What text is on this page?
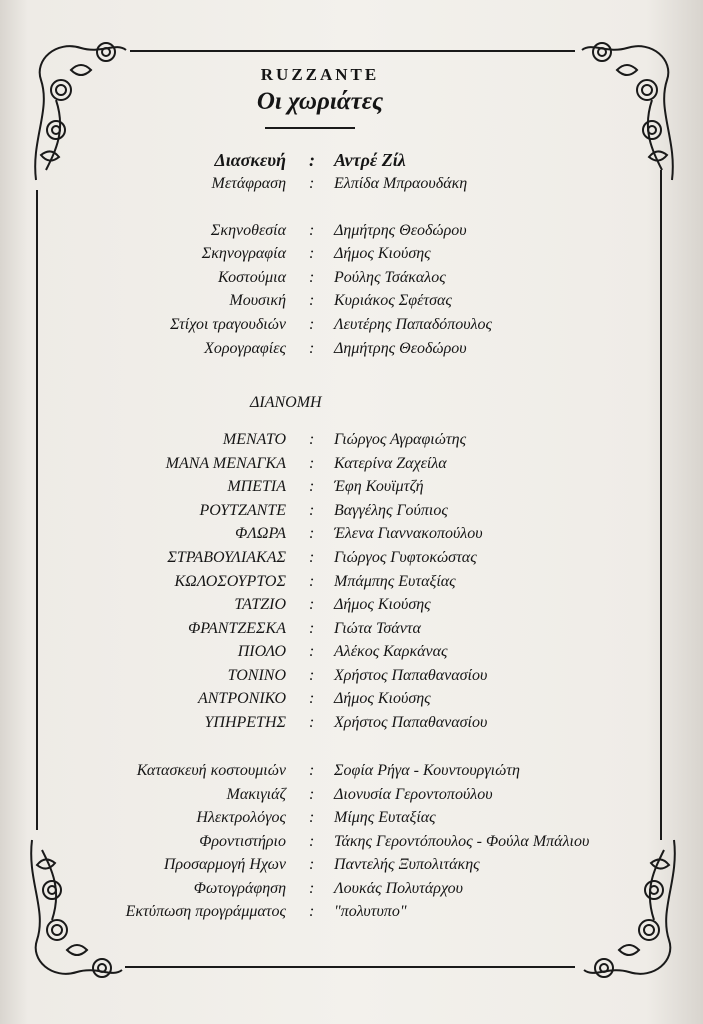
RUZZANTE
Οι χωριάτες
Διασκευή : Αντρέ Ζίλ
Μετάφραση : Ελπίδα Μπραουδάκη
Σκηνοθεσία : Δημήτρης Θεοδώρου
Σκηνογραφία : Δήμος Κιούσης
Κοστούμια : Ρούλης Τσάκαλος
Μουσική : Κυριάκος Σφέτσας
Στίχοι τραγουδιών : Λευτέρης Παπαδόπουλος
Χορογραφίες : Δημήτρης Θεοδώρου
ΔΙΑΝΟΜΗ
ΜΕΝΑΤΟ : Γιώργος Αγραφιώτης
ΜΑΝΑ ΜΕΝΑΓΚΑ : Κατερίνα Ζαχείλα
ΜΠΕΤΙΑ : Έφη Κουϊμτζή
ΡΟΥΤΖΑΝΤΕ : Βαγγέλης Γούπιος
ΦΛΩΡΑ : Έλενα Γιαννακοπούλου
ΣΤΡΑΒΟΥΛΙΑΚΑΣ : Γιώργος Γυφτοκώστας
ΚΩΛΟΣΟΥΡΤΟΣ : Μπάμπης Ευταξίας
ΤΑΤΖΙΟ : Δήμος Κιούσης
ΦΡΑΝΤΖΕΣΚΑ : Γιώτα Τσάντα
ΠΙΟΛΟ : Αλέκος Καρκάνας
ΤΟΝΙΝΟ : Χρήστος Παπαθανασίου
ΑΝΤΡΟΝΙΚΟ : Δήμος Κιούσης
ΥΠΗΡΕΤΗΣ : Χρήστος Παπαθανασίου
Κατασκευή κοστουμιών : Σοφία Ρήγα - Κουντουργιώτη
Μακιγιάζ : Διονυσία Γεροντοπούλου
Ηλεκτρολόγος : Μίμης Ευταξίας
Φροντιστήριο : Τάκης Γεροντόπουλος - Φούλα Μπάλιου
Προσαρμογή Ηχων : Παντελής Ξυπολιτάκης
Φωτογράφηση : Λουκάς Πολυτάρχου
Εκτύπωση προγράμματος : "πολυτυπο"
